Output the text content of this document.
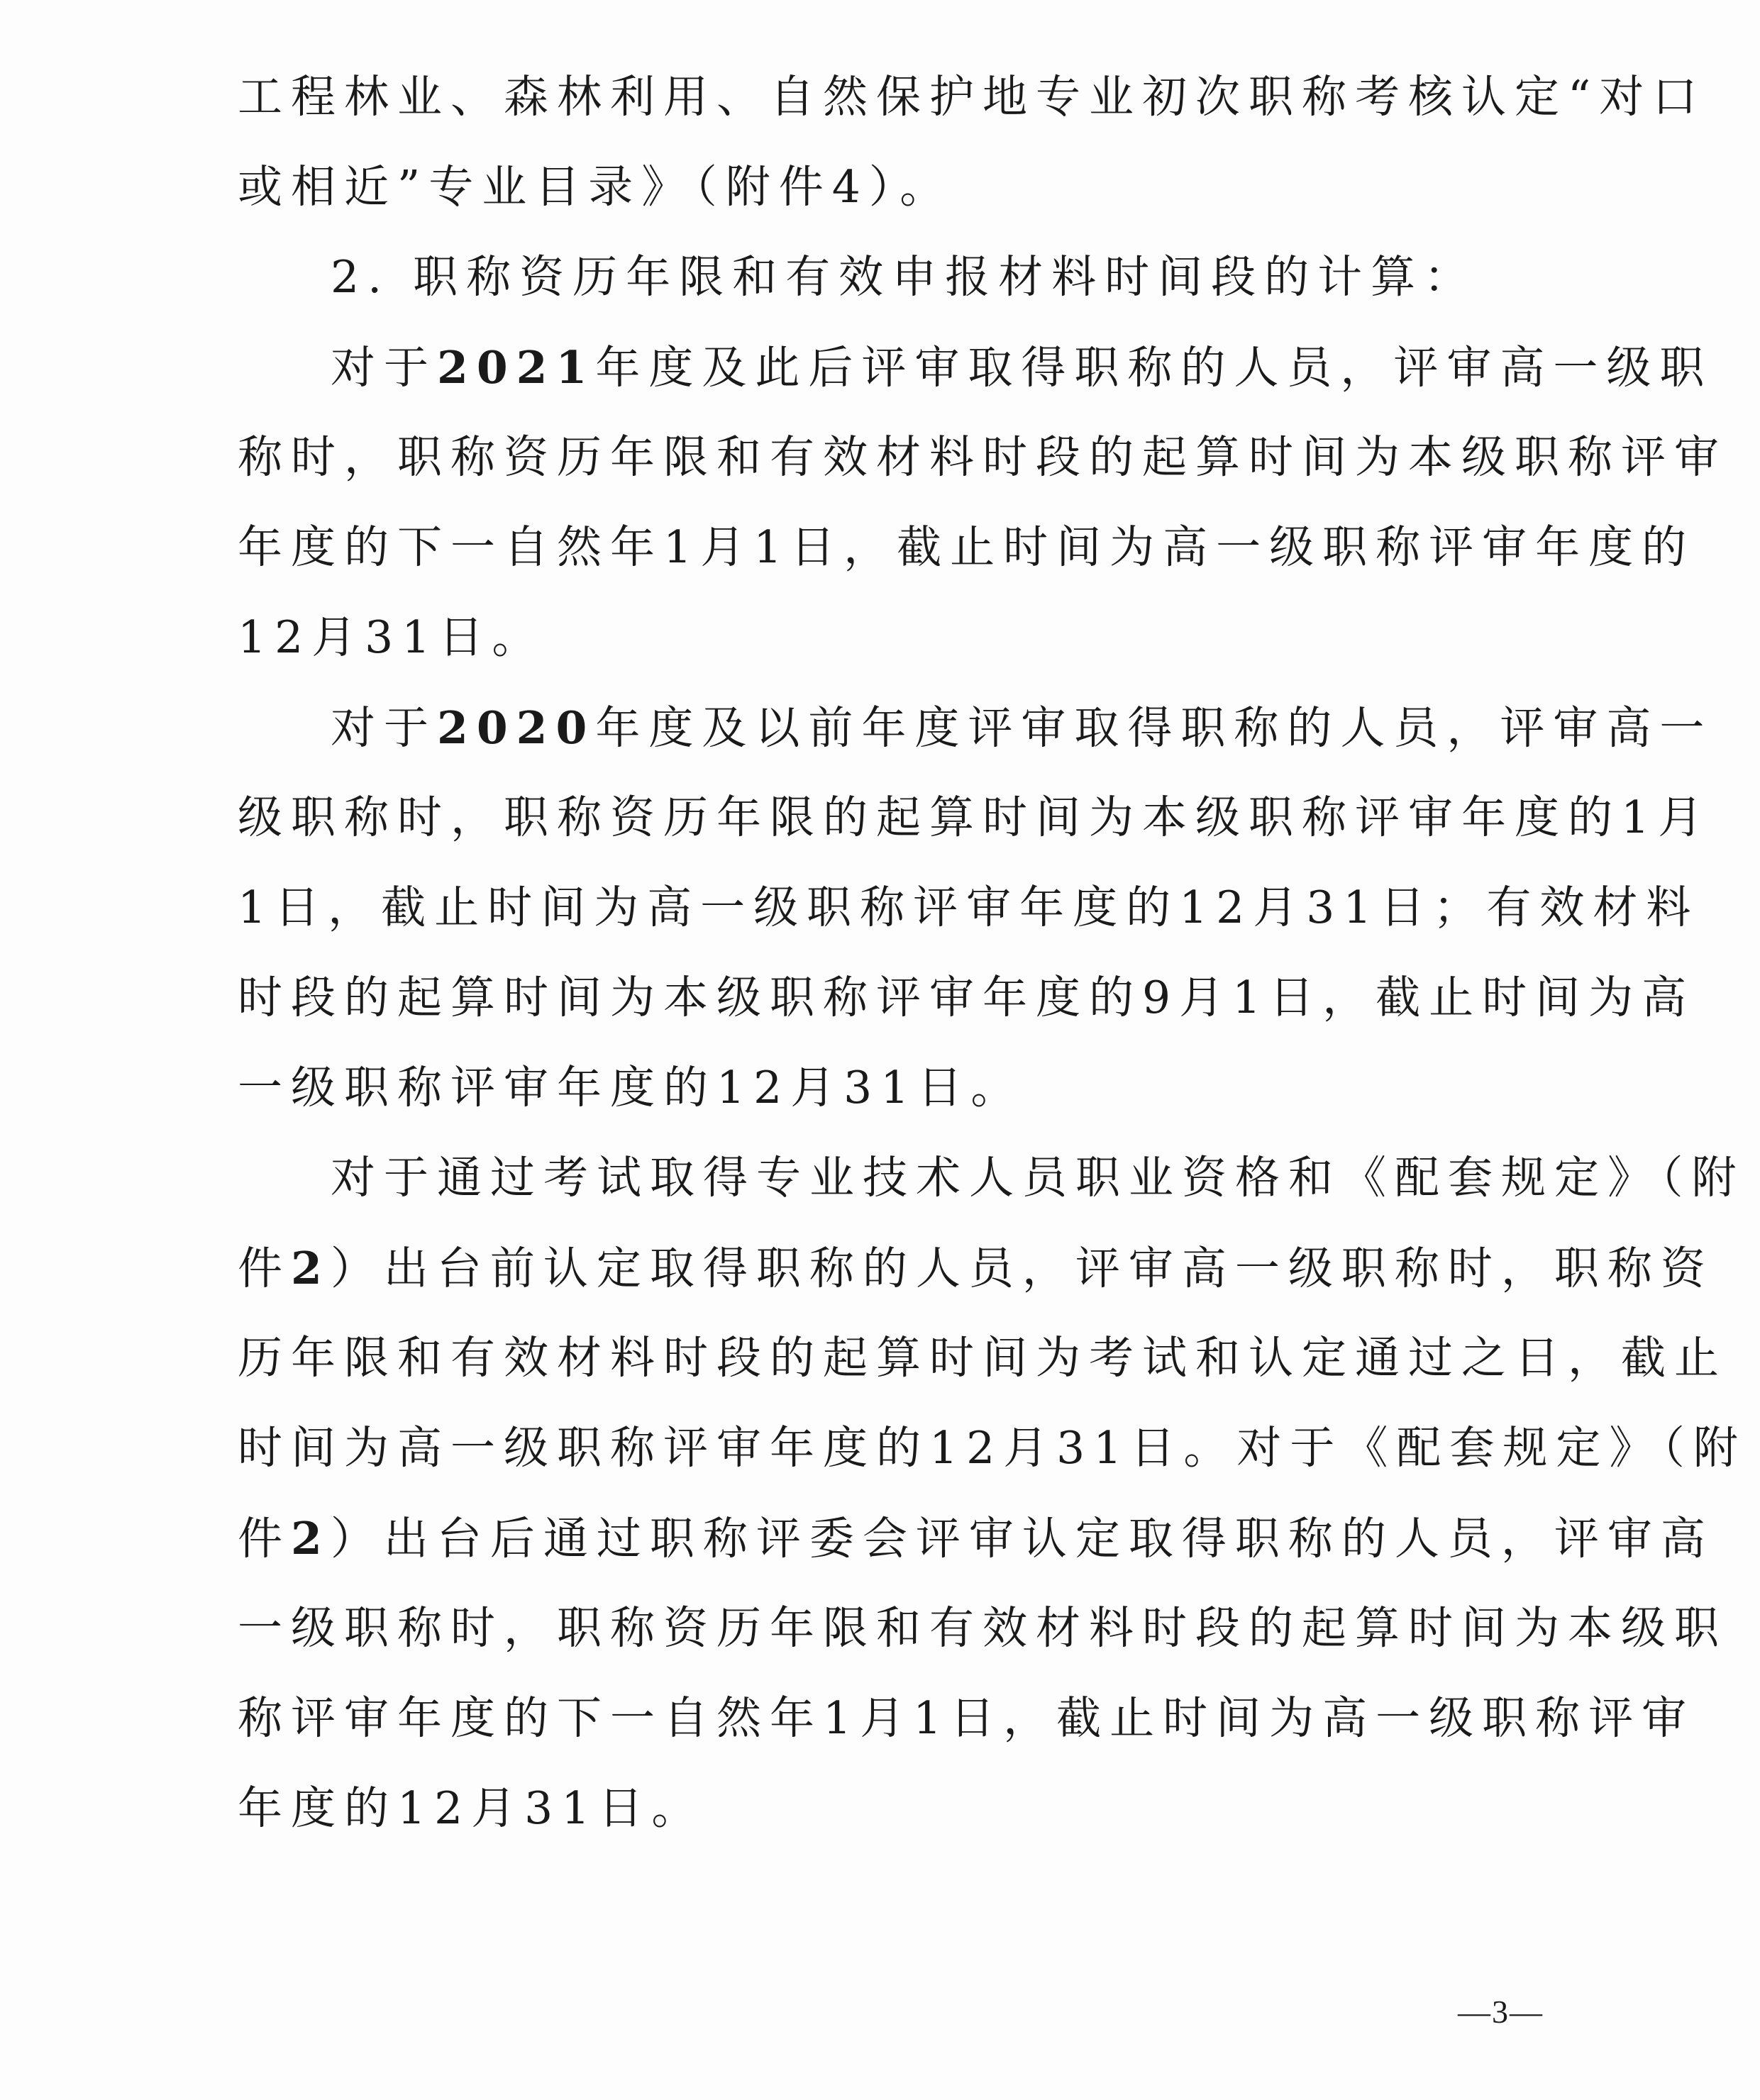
工程林业、森林利用、自然保护地专业初次职称考核认定“对口
或相近”专业目录》（附件4）。
2. 职称资历年限和有效申报材料时间段的计算：
对于2021年度及此后评审取得职称的人员，评审高一级职
称时，职称资历年限和有效材料时段的起算时间为本级职称评审
年度的下一自然年1月1日，截止时间为高一级职称评审年度的
12月31日。
对于2020年度及以前年度评审取得职称的人员，评审高一
级职称时，职称资历年限的起算时间为本级职称评审年度的1月
1日，截止时间为高一级职称评审年度的12月31日；有效材料
时段的起算时间为本级职称评审年度的9月1日，截止时间为高
一级职称评审年度的12月31日。
对于通过考试取得专业技术人员职业资格和《配套规定》（附
件2）出台前认定取得职称的人员，评审高一级职称时，职称资
历年限和有效材料时段的起算时间为考试和认定通过之日，截止
时间为高一级职称评审年度的12月31日。对于《配套规定》（附
件2）出台后通过职称评委会评审认定取得职称的人员，评审高
一级职称时，职称资历年限和有效材料时段的起算时间为本级职
称评审年度的下一自然年1月1日，截止时间为高一级职称评审
年度的12月31日。
—3—
